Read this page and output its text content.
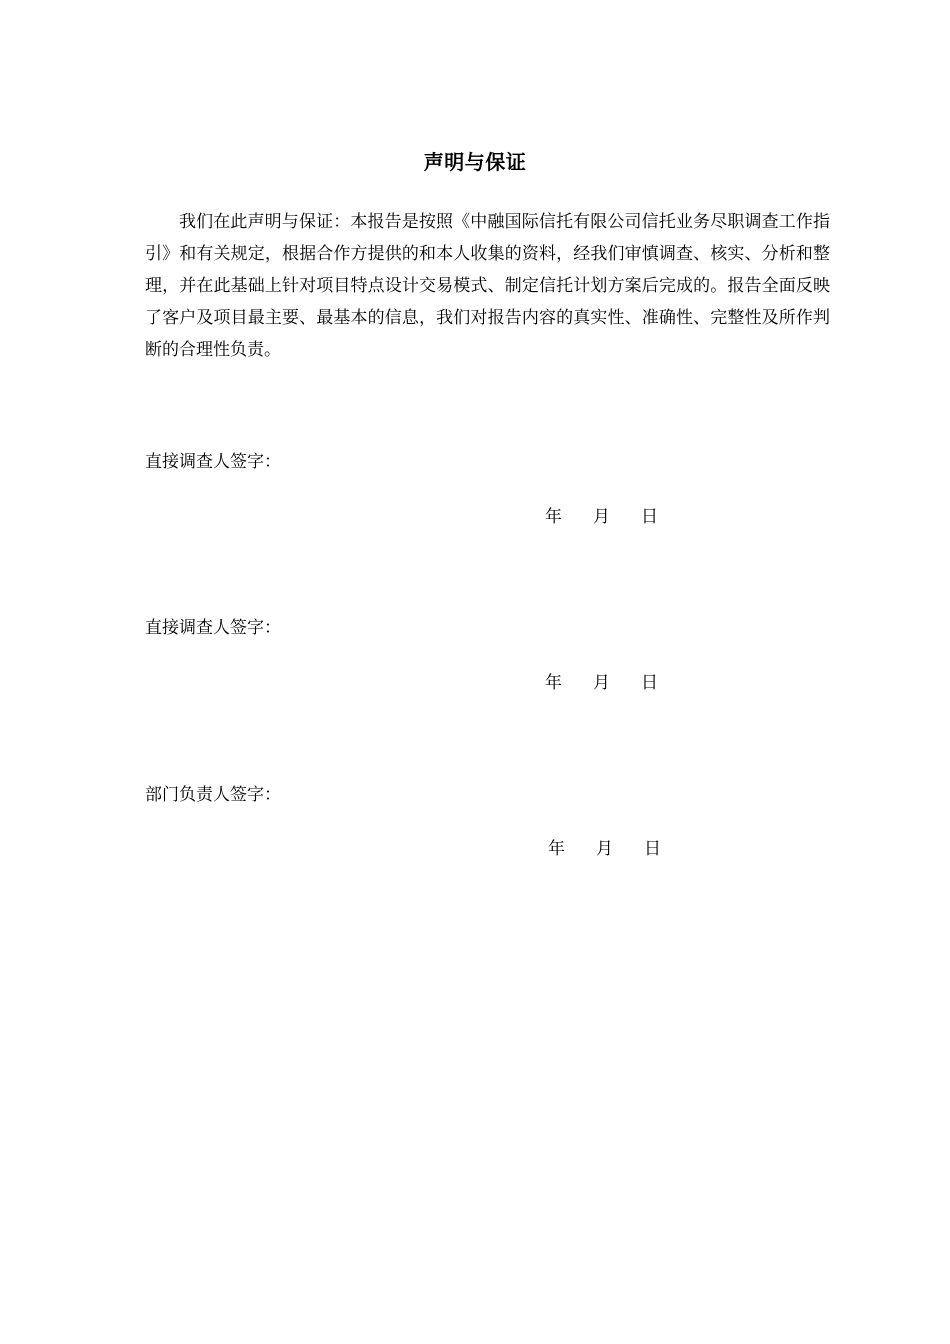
声明与保证

我们在此声明与保证：本报告是按照《中融国际信托有限公司信托业务尽职调查工作指引》和有关规定，根据合作方提供的和本人收集的资料，经我们审慎调查、核实、分析和整理，并在此基础上针对项目特点设计交易模式、制定信托计划方案后完成的。报告全面反映了客户及项目最主要、最基本的信息，我们对报告内容的真实性、准确性、完整性及所作判断的合理性负责。

直接调查人签字：

年	月	日

直接调查人签字：

年	月	日

部门负责人签字：

年	月	日
